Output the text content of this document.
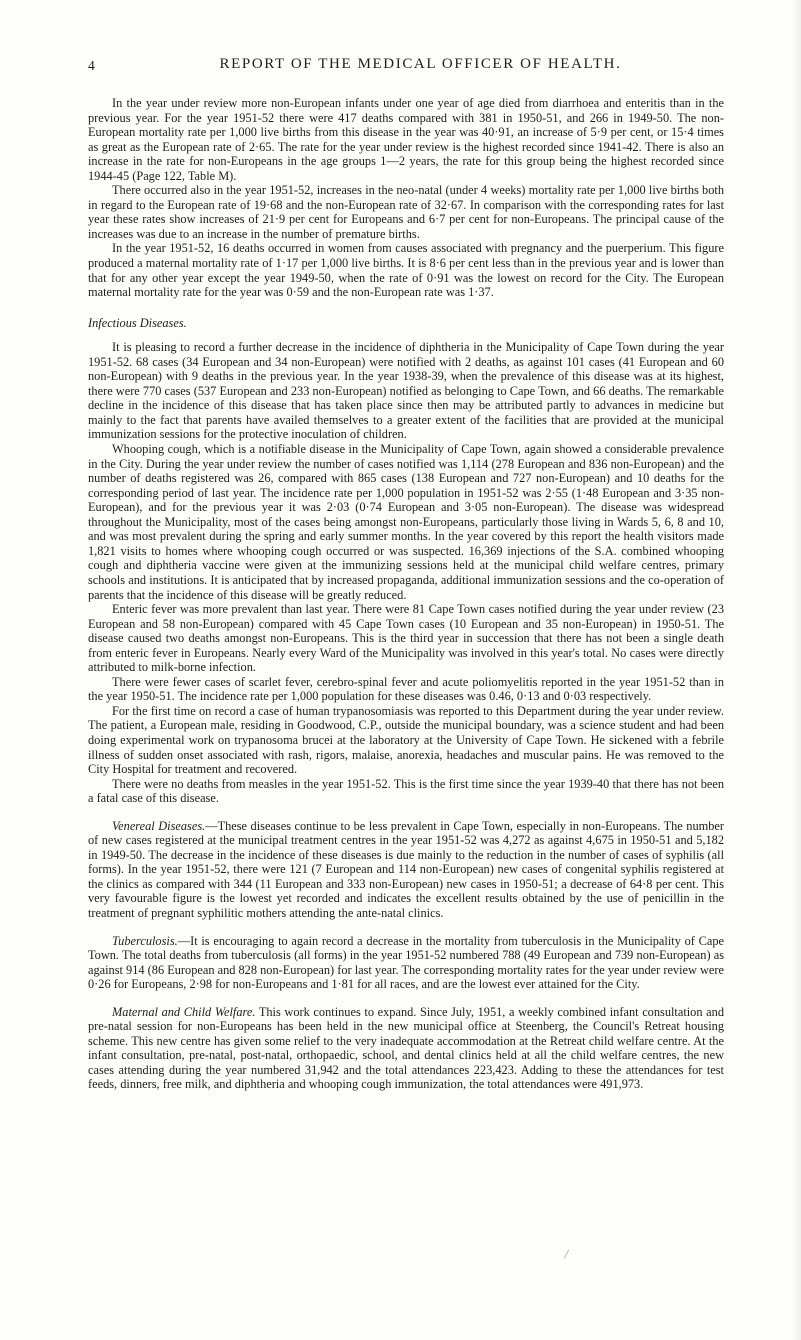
4	REPORT OF THE MEDICAL OFFICER OF HEALTH.

In the year under review more non-European infants under one year of age died from diarrhoea and enteritis than in the previous year. For the year 1951-52 there were 417 deaths compared with 381 in 1950-51, and 266 in 1949-50. The non-European mortality rate per 1,000 live births from this disease in the year was 40·91, an increase of 5·9 per cent, or 15·4 times as great as the European rate of 2·65. The rate for the year under review is the highest recorded since 1941-42. There is also an increase in the rate for non-Europeans in the age groups 1—2 years, the rate for this group being the highest recorded since 1944-45 (Page 122, Table M).

There occurred also in the year 1951-52, increases in the neo-natal (under 4 weeks) mortality rate per 1,000 live births both in regard to the European rate of 19·68 and the non-European rate of 32·67. In comparison with the corresponding rates for last year these rates show increases of 21·9 per cent for Europeans and 6·7 per cent for non-Europeans. The principal cause of the increases was due to an increase in the number of premature births.

In the year 1951-52, 16 deaths occurred in women from causes associated with pregnancy and the puerperium. This figure produced a maternal mortality rate of 1·17 per 1,000 live births. It is 8·6 per cent less than in the previous year and is lower than that for any other year except the year 1949-50, when the rate of 0·91 was the lowest on record for the City. The European maternal mortality rate for the year was 0·59 and the non-European rate was 1·37.

Infectious Diseases.

It is pleasing to record a further decrease in the incidence of diphtheria in the Municipality of Cape Town during the year 1951-52. 68 cases (34 European and 34 non-European) were notified with 2 deaths, as against 101 cases (41 European and 60 non-European) with 9 deaths in the previous year. In the year 1938-39, when the prevalence of this disease was at its highest, there were 770 cases (537 European and 233 non-European) notified as belonging to Cape Town, and 66 deaths. The remarkable decline in the incidence of this disease that has taken place since then may be attributed partly to advances in medicine but mainly to the fact that parents have availed themselves to a greater extent of the facilities that are provided at the municipal immunization sessions for the protective inoculation of children.

Whooping cough, which is a notifiable disease in the Municipality of Cape Town, again showed a considerable prevalence in the City. During the year under review the number of cases notified was 1,114 (278 European and 836 non-European) and the number of deaths registered was 26, compared with 865 cases (138 European and 727 non-European) and 10 deaths for the corresponding period of last year. The incidence rate per 1,000 population in 1951-52 was 2·55 (1·48 European and 3·35 non-European), and for the previous year it was 2·03 (0·74 European and 3·05 non-European). The disease was widespread throughout the Municipality, most of the cases being amongst non-Europeans, particularly those living in Wards 5, 6, 8 and 10, and was most prevalent during the spring and early summer months. In the year covered by this report the health visitors made 1,821 visits to homes where whooping cough occurred or was suspected. 16,369 injections of the S.A. combined whooping cough and diphtheria vaccine were given at the immunizing sessions held at the municipal child welfare centres, primary schools and institutions. It is anticipated that by increased propaganda, additional immunization sessions and the co-operation of parents that the incidence of this disease will be greatly reduced.

Enteric fever was more prevalent than last year. There were 81 Cape Town cases notified during the year under review (23 European and 58 non-European) compared with 45 Cape Town cases (10 European and 35 non-European) in 1950-51. The disease caused two deaths amongst non-Europeans. This is the third year in succession that there has not been a single death from enteric fever in Europeans. Nearly every Ward of the Municipality was involved in this year's total. No cases were directly attributed to milk-borne infection.

There were fewer cases of scarlet fever, cerebro-spinal fever and acute poliomyelitis reported in the year 1951-52 than in the year 1950-51. The incidence rate per 1,000 population for these diseases was 0.46, 0·13 and 0·03 respectively.

For the first time on record a case of human trypanosomiasis was reported to this Department during the year under review. The patient, a European male, residing in Goodwood, C.P., outside the municipal boundary, was a science student and had been doing experimental work on trypanosoma brucei at the laboratory at the University of Cape Town. He sickened with a febrile illness of sudden onset associated with rash, rigors, malaise, anorexia, headaches and muscular pains. He was removed to the City Hospital for treatment and recovered.

There were no deaths from measles in the year 1951-52. This is the first time since the year 1939-40 that there has not been a fatal case of this disease.

Venereal Diseases.—These diseases continue to be less prevalent in Cape Town, especially in non-Europeans. The number of new cases registered at the municipal treatment centres in the year 1951-52 was 4,272 as against 4,675 in 1950-51 and 5,182 in 1949-50. The decrease in the incidence of these diseases is due mainly to the reduction in the number of cases of syphilis (all forms). In the year 1951-52, there were 121 (7 European and 114 non-European) new cases of congenital syphilis registered at the clinics as compared with 344 (11 European and 333 non-European) new cases in 1950-51; a decrease of 64·8 per cent. This very favourable figure is the lowest yet recorded and indicates the excellent results obtained by the use of penicillin in the treatment of pregnant syphilitic mothers attending the ante-natal clinics.

Tuberculosis.—It is encouraging to again record a decrease in the mortality from tuberculosis in the Municipality of Cape Town. The total deaths from tuberculosis (all forms) in the year 1951-52 numbered 788 (49 European and 739 non-European) as against 914 (86 European and 828 non-European) for last year. The corresponding mortality rates for the year under review were 0·26 for Europeans, 2·98 for non-Europeans and 1·81 for all races, and are the lowest ever attained for the City.

Maternal and Child Welfare. This work continues to expand. Since July, 1951, a weekly combined infant consultation and pre-natal session for non-Europeans has been held in the new municipal office at Steenberg, the Council's Retreat housing scheme. This new centre has given some relief to the very inadequate accommodation at the Retreat child welfare centre. At the infant consultation, pre-natal, post-natal, orthopaedic, school, and dental clinics held at all the child welfare centres, the new cases attending during the year numbered 31,942 and the total attendances 223,423. Adding to these the attendances for test feeds, dinners, free milk, and diphtheria and whooping cough immunization, the total attendances were 491,973.
